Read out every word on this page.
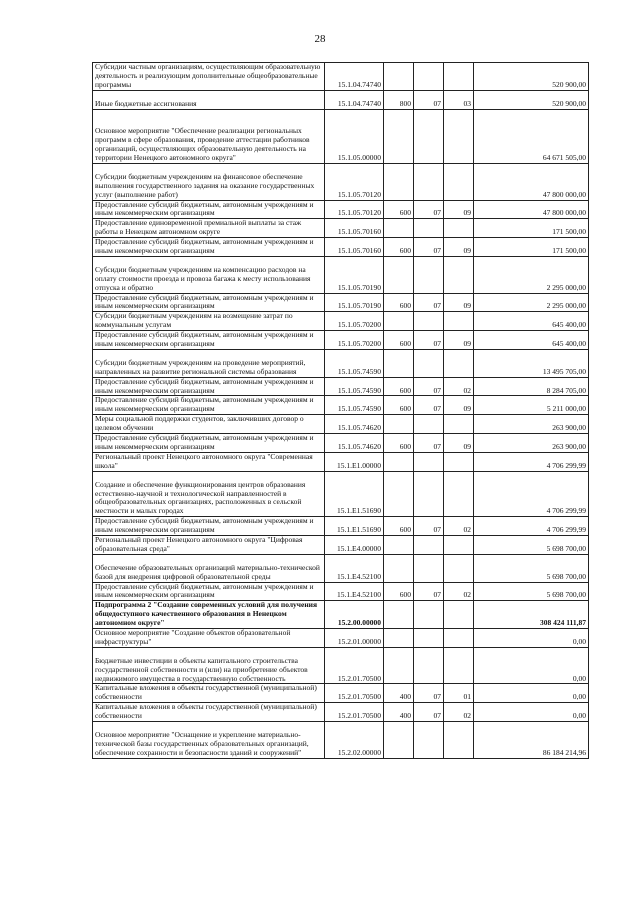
28
Субсидии частным организациям, осуществляющим образовательную деятельность и реализующим дополнительные общеобразовательные программы	15.1.04.74740				520 900,00
Иные бюджетные ассигнования	15.1.04.74740	800	07	03	520 900,00
Основное мероприятие "Обеспечение реализации региональных программ в сфере образования, проведение аттестации работников организаций, осуществляющих образовательную деятельность на территории Ненецкого автономного округа"	15.1.05.00000				64 671 505,00
Субсидии бюджетным учреждениям на финансовое обеспечение выполнения государственного задания на оказание государственных услуг (выполнение работ)	15.1.05.70120				47 800 000,00
Предоставление субсидий бюджетным, автономным учреждениям и иным некоммерческим организациям	15.1.05.70120	600	07	09	47 800 000,00
Предоставление единовременной премиальной выплаты за стаж работы в Ненецком автономном округе	15.1.05.70160				171 500,00
Предоставление субсидий бюджетным, автономным учреждениям и иным некоммерческим организациям	15.1.05.70160	600	07	09	171 500,00
Субсидии бюджетным учреждениям на компенсацию расходов на оплату стоимости проезда и провоза багажа к месту использования отпуска и обратно	15.1.05.70190				2 295 000,00
Предоставление субсидий бюджетным, автономным учреждениям и иным некоммерческим организациям	15.1.05.70190	600	07	09	2 295 000,00
Субсидии бюджетным учреждениям на возмещение затрат по коммунальным услугам	15.1.05.70200				645 400,00
Предоставление субсидий бюджетным, автономным учреждениям и иным некоммерческим организациям	15.1.05.70200	600	07	09	645 400,00
Субсидии бюджетным учреждениям на проведение мероприятий, направленных на развитие региональной системы образования	15.1.05.74590				13 495 705,00
Предоставление субсидий бюджетным, автономным учреждениям и иным некоммерческим организациям	15.1.05.74590	600	07	02	8 284 705,00
Предоставление субсидий бюджетным, автономным учреждениям и иным некоммерческим организациям	15.1.05.74590	600	07	09	5 211 000,00
Меры социальной поддержки студентов, заключивших договор о целевом обучении	15.1.05.74620				263 900,00
Предоставление субсидий бюджетным, автономным учреждениям и иным некоммерческим организациям	15.1.05.74620	600	07	09	263 900,00
Региональный проект Ненецкого автономного округа "Современная школа"	15.1.E1.00000				4 706 299,99
Создание и обеспечение функционирования центров образования естественно-научной и технологической направленностей в общеобразовательных организациях, расположенных в сельской местности и малых городах	15.1.E1.51690				4 706 299,99
Предоставление субсидий бюджетным, автономным учреждениям и иным некоммерческим организациям	15.1.E1.51690	600	07	02	4 706 299,99
Региональный проект Ненецкого автономного округа "Цифровая образовательная среда"	15.1.E4.00000				5 698 700,00
Обеспечение образовательных организаций материально-технической базой для внедрения цифровой образовательной среды	15.1.E4.52100				5 698 700,00
Предоставление субсидий бюджетным, автономным учреждениям и иным некоммерческим организациям	15.1.E4.52100	600	07	02	5 698 700,00
Подпрограмма 2 "Создание современных условий для получения общедоступного качественного образования в Ненецком автономном округе"	15.2.00.00000				308 424 111,87
Основное мероприятие "Создание объектов образовательной инфраструктуры"	15.2.01.00000				0,00
Бюджетные инвестиции в объекты капитального строительства государственной собственности и (или) на приобретение объектов недвижимого имущества в государственную собственность	15.2.01.70500				0,00
Капитальные вложения в объекты государственной (муниципальной) собственности	15.2.01.70500	400	07	01	0,00
Капитальные вложения в объекты государственной (муниципальной) собственности	15.2.01.70500	400	07	02	0,00
Основное мероприятие "Оснащение и укрепление материально-технической базы государственных образовательных организаций, обеспечение сохранности и безопасности зданий и сооружений"	15.2.02.00000				86 184 214,96
